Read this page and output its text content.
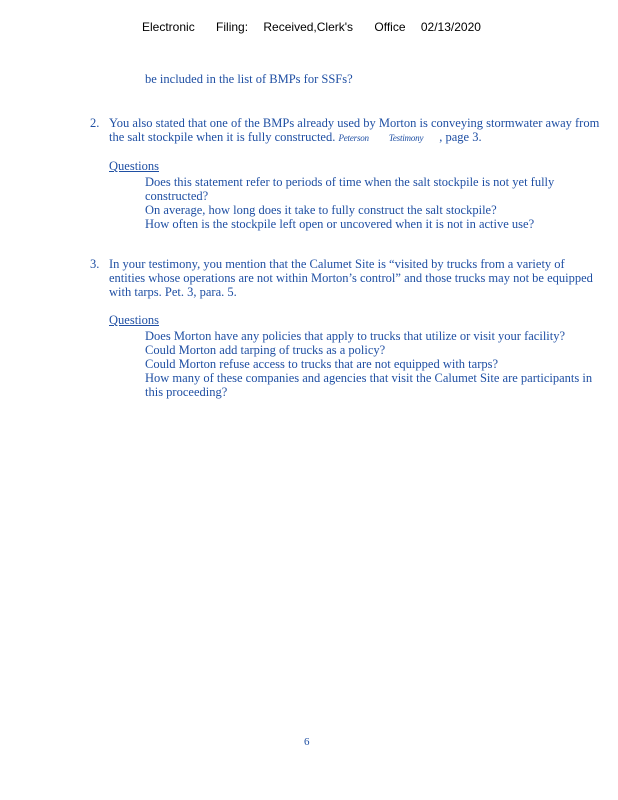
Electronic Filing: Received,Clerk's Office 02/13/2020
be included in the list of BMPs for SSFs?
2. You also stated that one of the BMPs already used by Morton is conveying stormwater away from the salt stockpile when it is fully constructed. Peterson Testimony , page 3.
Questions
Does this statement refer to periods of time when the salt stockpile is not yet fully constructed?
On average, how long does it take to fully construct the salt stockpile?
How often is the stockpile left open or uncovered when it is not in active use?
3. In your testimony, you mention that the Calumet Site is “visited by trucks from a variety of entities whose operations are not within Morton’s control” and those trucks may not be equipped with tarps. Pet. 3, para. 5.
Questions
Does Morton have any policies that apply to trucks that utilize or visit your facility?
Could Morton add tarping of trucks as a policy?
Could Morton refuse access to trucks that are not equipped with tarps?
How many of these companies and agencies that visit the Calumet Site are participants in this proceeding?
6
